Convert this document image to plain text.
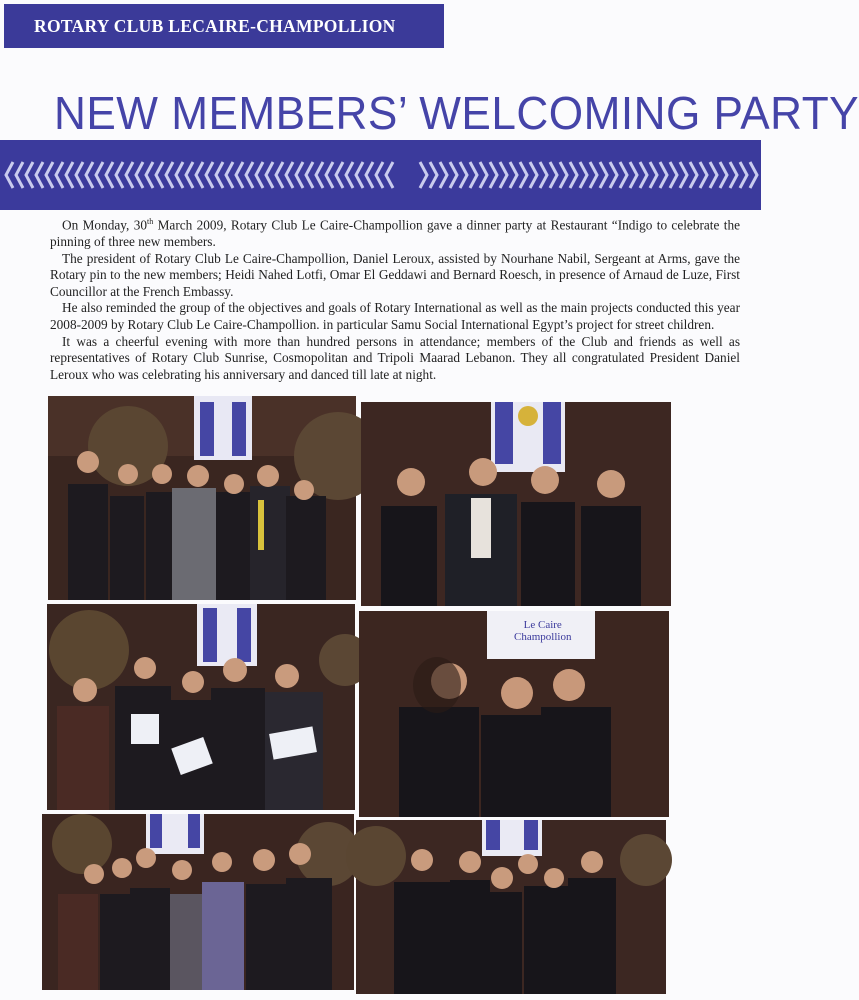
ROTARY CLUB LECAIRE-CHAMPOLLION
NEW MEMBERS’ WELCOMING PARTY

On Monday, 30th March 2009, Rotary Club Le Caire-Champollion gave a dinner party at Restaurant “Indigo to celebrate the pinning of three new members.

The president of Rotary Club Le Caire-Champollion, Daniel Leroux, assisted by Nourhane Nabil, Sergeant at Arms, gave the Rotary pin to the new members; Heidi Nahed Lotfi, Omar El Geddawi and Bernard Roesch, in presence of Arnaud de Luze, First Councillor at the French Embassy.

He also reminded the group of the objectives and goals of Rotary International as well as the main projects conducted this year 2008-2009 by Rotary Club Le Caire-Champollion. in particular Samu Social International Egypt’s project for street children.

It was a cheerful evening with more than hundred persons in attendance; members of the Club and friends as well as representatives of Rotary Club Sunrise, Cosmopolitan and Tripoli Maarad Lebanon. They all congratulated President Daniel Leroux who was celebrating his anniversary and danced till late at night.

Le Caire
Champollion
